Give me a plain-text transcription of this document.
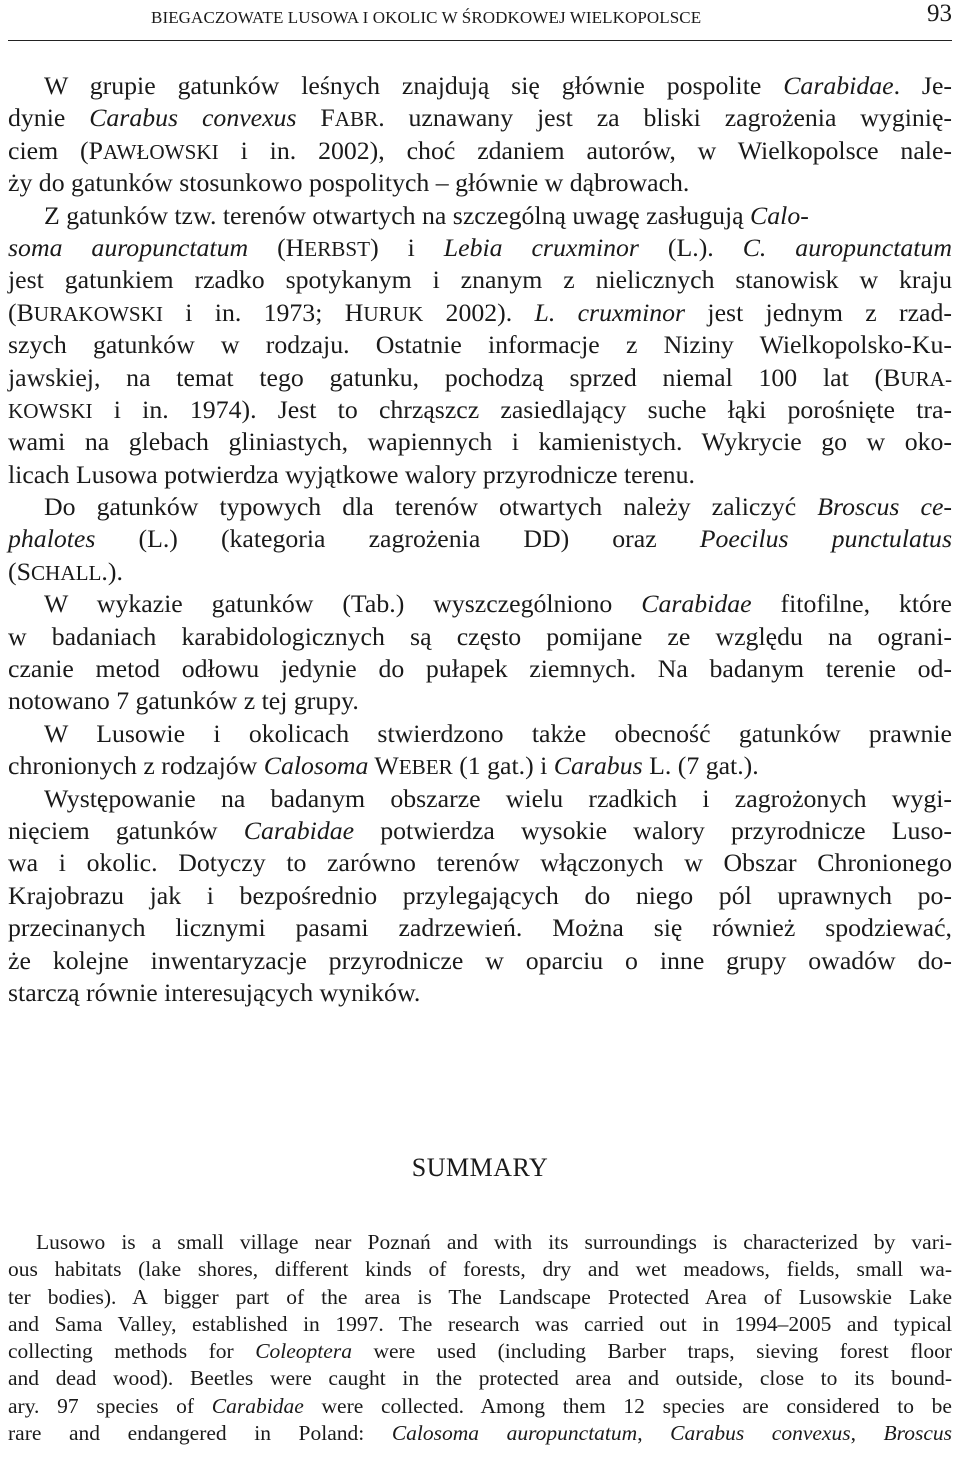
BIEGACZOWATE LUSOWA I OKOLIC W ŚRODKOWEJ WIELKOPOLSCE	93
W grupie gatunków leśnych znajdują się głównie pospolite Carabidae. Je-
dynie Carabus convexus FABR. uznawany jest za bliski zagrożenia wyginię-
ciem (PAWŁOWSKI i in. 2002), choć zdaniem autorów, w Wielkopolsce nale-
ży do gatunków stosunkowo pospolitych – głównie w dąbrowach.
Z gatunków tzw. terenów otwartych na szczególną uwagę zasługują Calo-
soma auropunctatum (HERBST) i Lebia cruxminor (L.). C. auropunctatum
jest gatunkiem rzadko spotykanym i znanym z nielicznych stanowisk w kraju
(BURAKOWSKI i in. 1973; HURUK 2002). L. cruxminor jest jednym z rzad-
szych gatunków w rodzaju. Ostatnie informacje z Niziny Wielkopolsko-Ku-
jawskiej, na temat tego gatunku, pochodzą sprzed niemal 100 lat (BURA-
KOWSKI i in. 1974). Jest to chrząszcz zasiedlający suche łąki porośnięte tra-
wami na glebach gliniastych, wapiennych i kamienistych. Wykrycie go w oko-
licach Lusowa potwierdza wyjątkowe walory przyrodnicze terenu.
Do gatunków typowych dla terenów otwartych należy zaliczyć Broscus ce-
phalotes (L.) (kategoria zagrożenia DD) oraz Poecilus punctulatus
(SCHALL.).
W wykazie gatunków (Tab.) wyszczególniono Carabidae fitofilne, które
w badaniach karabidologicznych są często pomijane ze względu na ograni-
czanie metod odłowu jedynie do pułapek ziemnych. Na badanym terenie od-
notowano 7 gatunków z tej grupy.
W Lusowie i okolicach stwierdzono także obecność gatunków prawnie
chronionych z rodzajów Calosoma WEBER (1 gat.) i Carabus L. (7 gat.).
Występowanie na badanym obszarze wielu rzadkich i zagrożonych wygi-
nięciem gatunków Carabidae potwierdza wysokie walory przyrodnicze Luso-
wa i okolic. Dotyczy to zarówno terenów włączonych w Obszar Chronionego
Krajobrazu jak i bezpośrednio przylegających do niego pól uprawnych po-
przecinanych licznymi pasami zadrzewień. Można się również spodziewać,
że kolejne inwentaryzacje przyrodnicze w oparciu o inne grupy owadów do-
starczą równie interesujących wyników.
SUMMARY
Lusowo is a small village near Poznań and with its surroundings is characterized by vari-
ous habitats (lake shores, different kinds of forests, dry and wet meadows, fields, small wa-
ter bodies). A bigger part of the area is The Landscape Protected Area of Lusowskie Lake
and Sama Valley, established in 1997. The research was carried out in 1994–2005 and typical
collecting methods for Coleoptera were used (including Barber traps, sieving forest floor
and dead wood). Beetles were caught in the protected area and outside, close to its bound-
ary. 97 species of Carabidae were collected. Among them 12 species are considered to be
rare and endangered in Poland: Calosoma auropunctatum, Carabus convexus, Broscus
